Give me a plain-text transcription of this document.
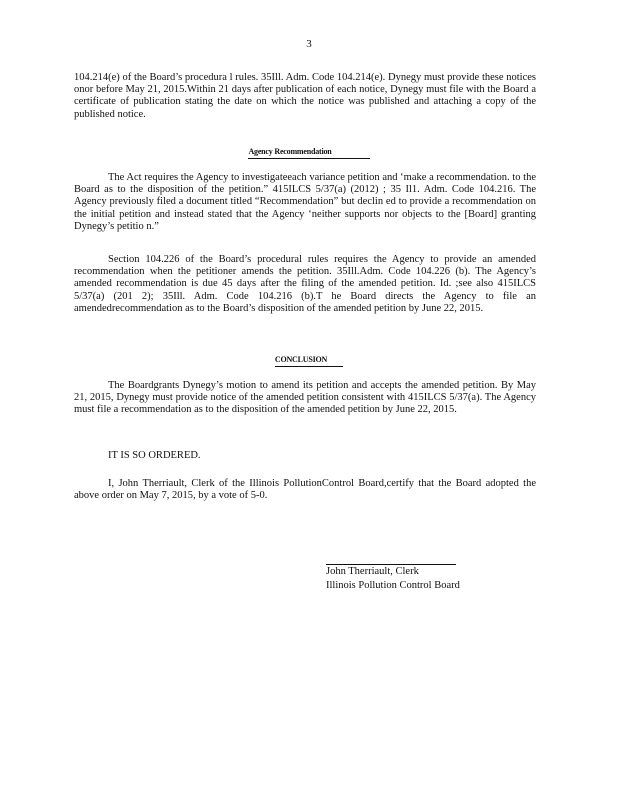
3

104.214(e) of the Board’s procedura l rules. 35Ill. Adm. Code 104.214(e). Dynegy must provide these notices onor before May 21, 2015.Within 21 days after publication of each notice, Dynegy must file with the Board a certificate of publication stating the date on which the notice was published and attaching a copy of the published notice.

Agency Recommendation

The Act requires the Agency to investigateeach variance petition and ‘make a recommendation. to the Board as to the disposition of the petition.” 415ILCS 5/37(a) (2012) ; 35 Il1. Adm. Code 104.216. The Agency previously filed a document titled “Recommendation” but declin ed to provide a recommendation on the initial petition and instead stated that the Agency ‘neither supports nor objects to the [Board] granting Dynegy’s petitio n.”

Section 104.226 of the Board’s procedural rules requires the Agency to provide an amended recommendation when the petitioner amends the petition. 35Ill.Adm. Code 104.226 (b). The Agency’s amended recommendation is due 45 days after the filing of the amended petition. Id. ;see also 415ILCS 5/37(a) (201 2); 35Ill. Adm. Code 104.216 (b).T he Board directs the Agency to file an amendedrecommendation as to the Board’s disposition of the amended petition by June 22, 2015.

CONCLUSION

The Boardgrants Dynegy’s motion to amend its petition and accepts the amended petition. By May 21, 2015, Dynegy must provide notice of the amended petition consistent with 415ILCS 5/37(a). The Agency must file a recommendation as to the disposition of the amended petition by June 22, 2015.

IT IS SO ORDERED.

I, John Therriault, Clerk of the Illinois PollutionControl Board,certify that the Board adopted the above order on May 7, 2015, by a vote of 5-0.

John Therriault, Clerk
Illinois Pollution Control Board
